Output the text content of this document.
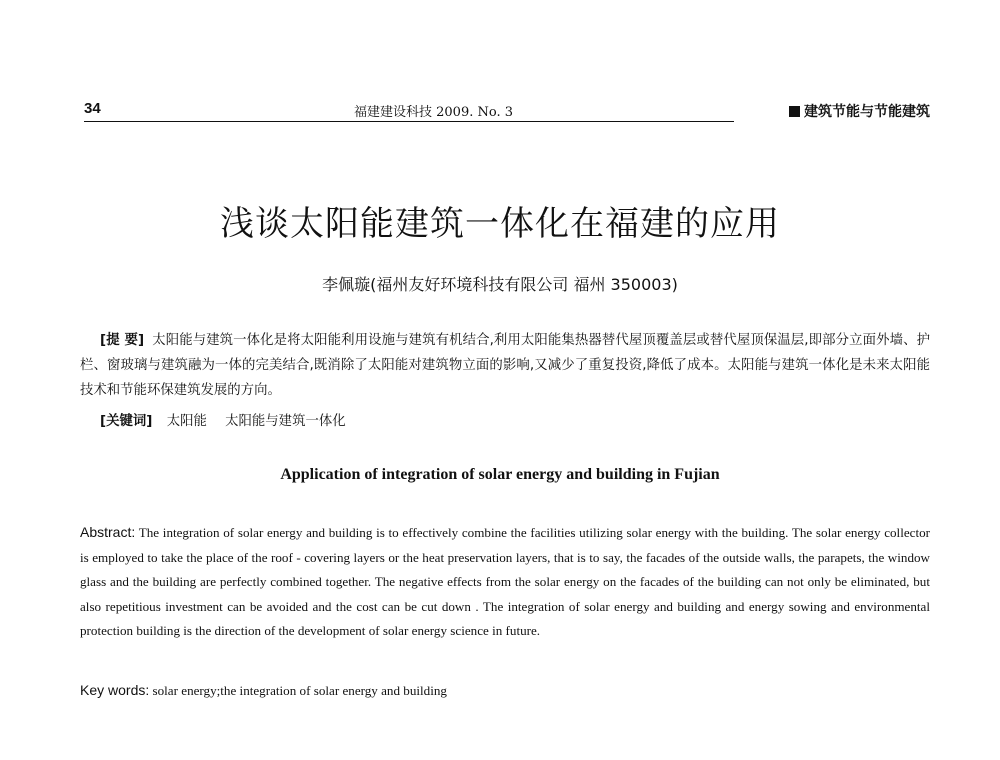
34	福建建设科技 2009. No. 3	建筑节能与节能建筑
浅谈太阳能建筑一体化在福建的应用
李佩璇(福州友好环境科技有限公司 福州 350003)
[提 要] 太阳能与建筑一体化是将太阳能利用设施与建筑有机结合,利用太阳能集热器替代屋顶覆盖层或替代屋顶保温层,即部分立面外墙、护栏、窗玻璃与建筑融为一体的完美结合,既消除了太阳能对建筑物立面的影响,又减少了重复投资,降低了成本。太阳能与建筑一体化是未来太阳能技术和节能环保建筑发展的方向。
[关键词] 太阳能 太阳能与建筑一体化
Application of integration of solar energy and building in Fujian
Abstract: The integration of solar energy and building is to effectively combine the facilities utilizing solar energy with the building. The solar energy collector is employed to take the place of the roof - covering layers or the heat preservation layers, that is to say, the facades of the outside walls, the parapets, the window glass and the building are perfectly combined together. The negative effects from the solar energy on the facades of the building can not only be eliminated, but also repetitious investment can be avoided and the cost can be cut down . The integration of solar energy and building and energy sowing and environmental protection building is the direction of the development of solar energy science in future.
Key words: solar energy;the integration of solar energy and building
